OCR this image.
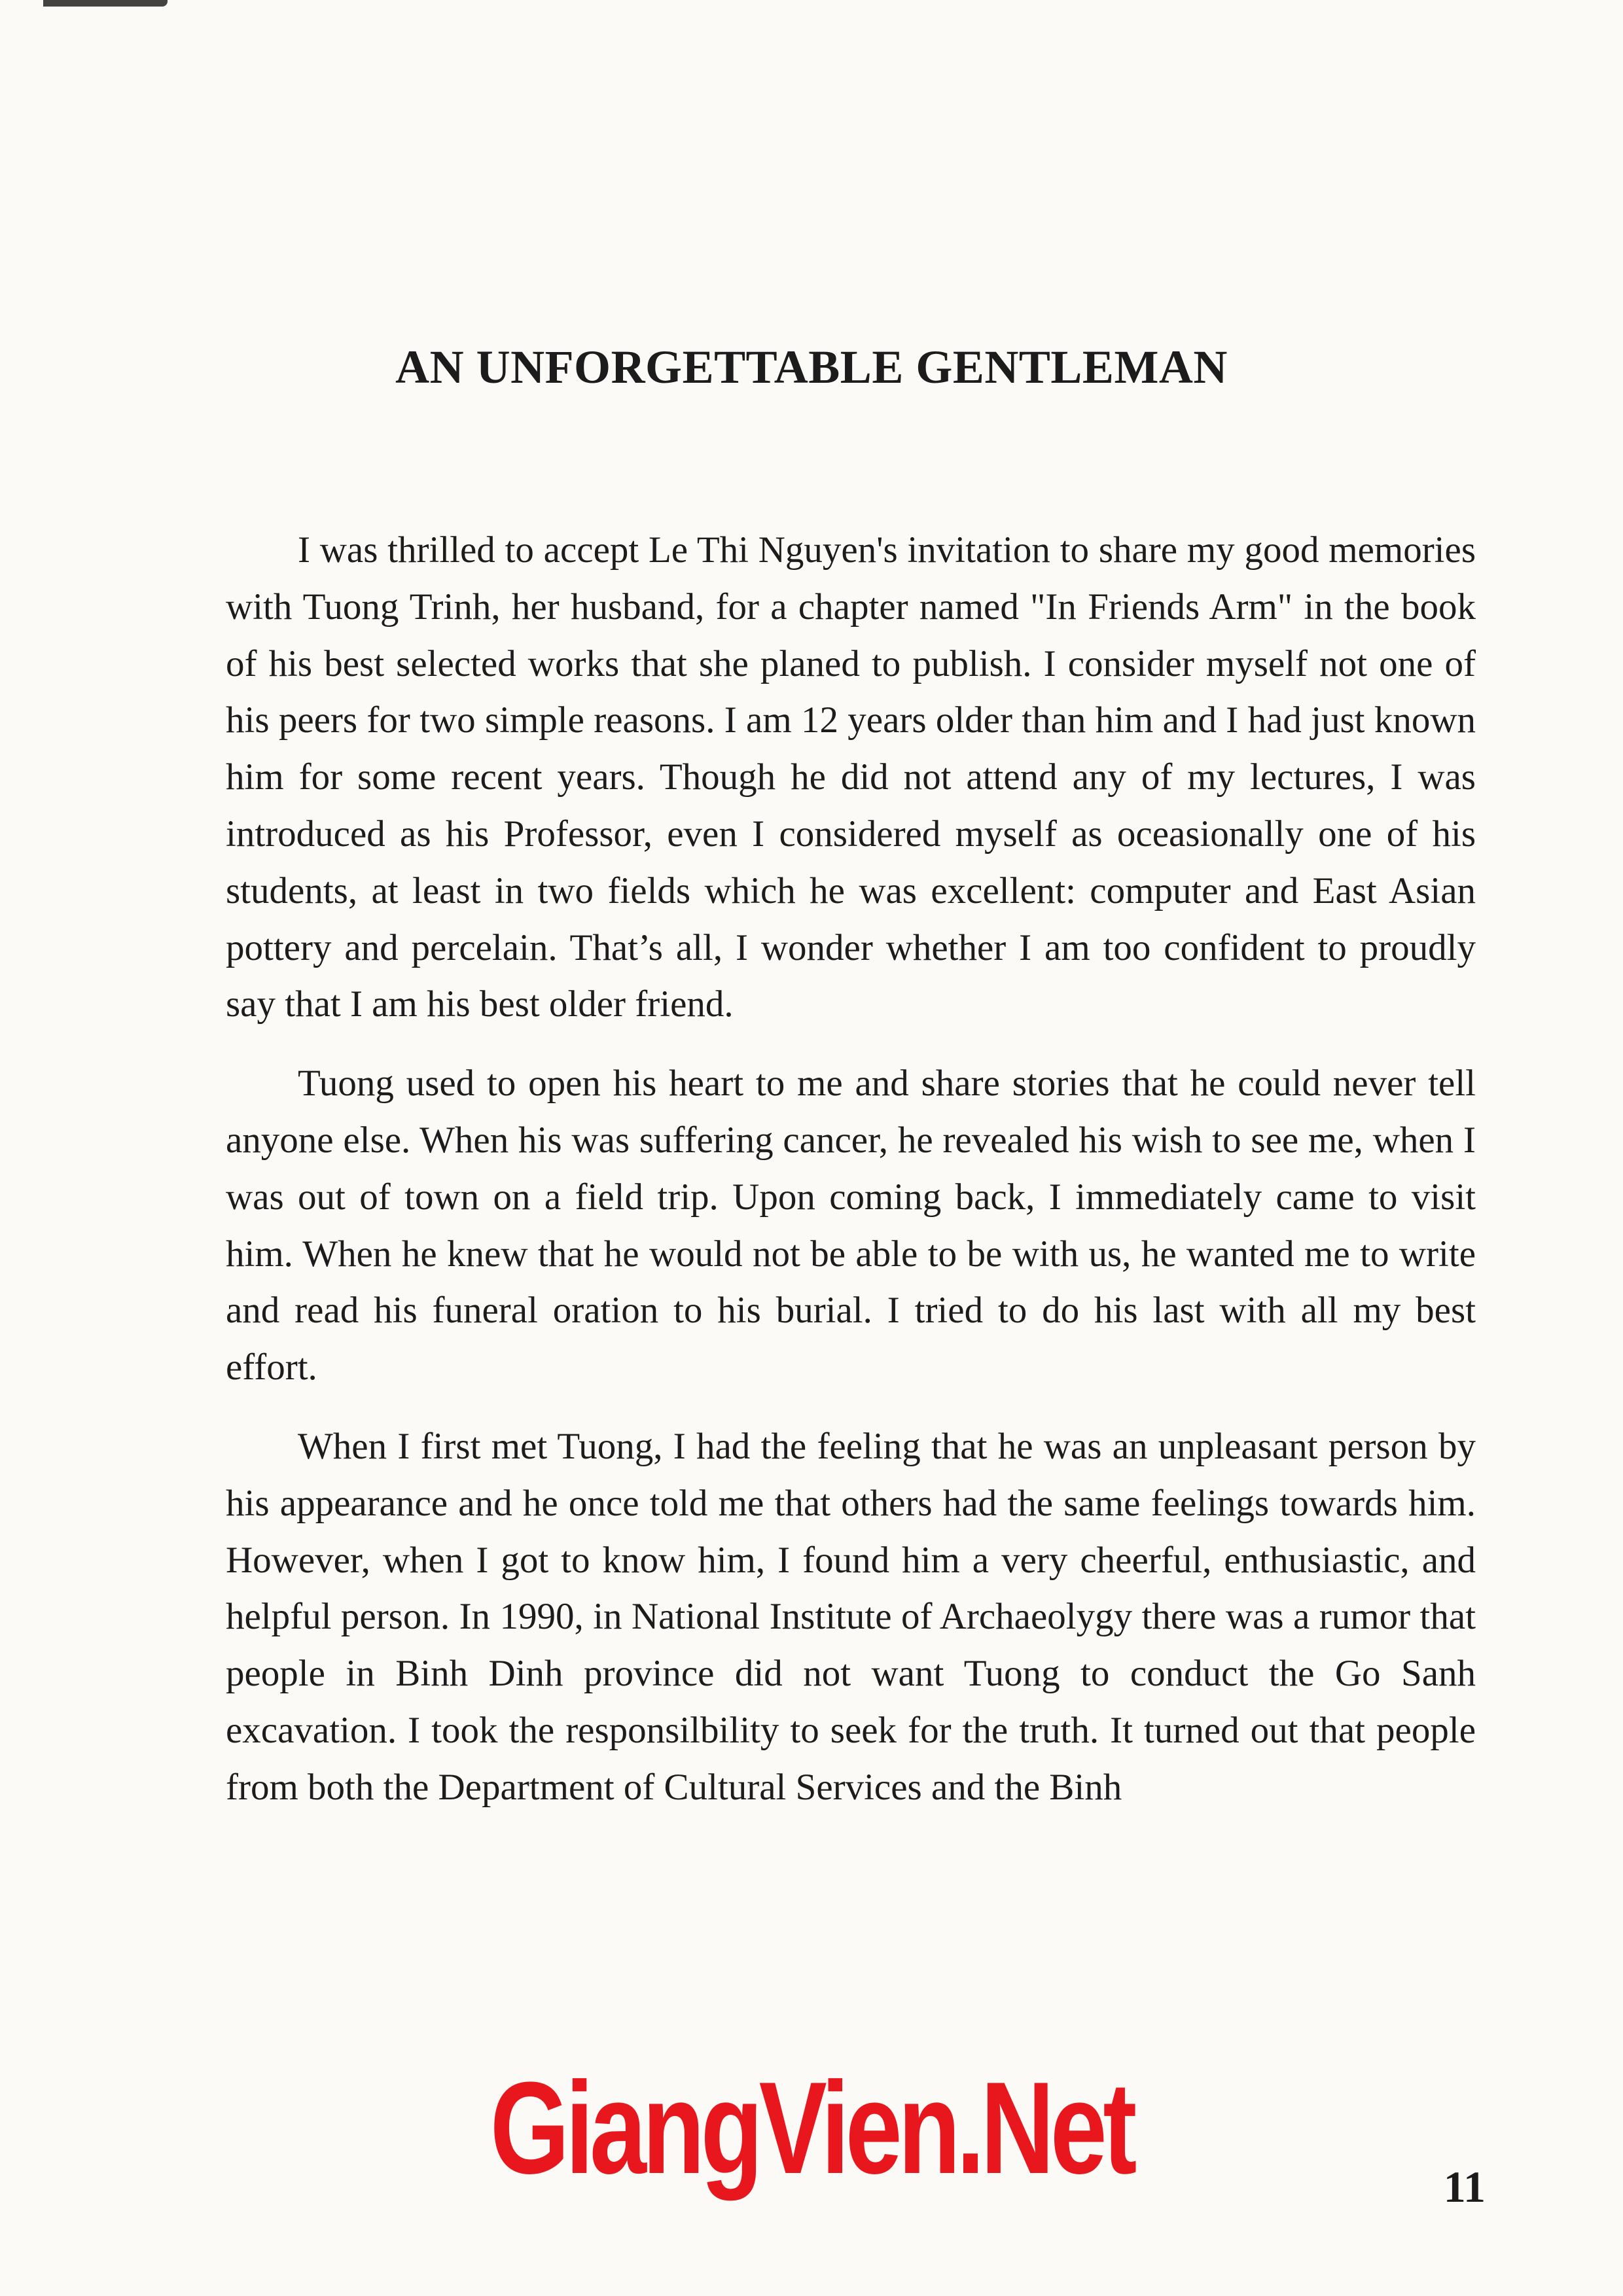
AN UNFORGETTABLE GENTLEMAN

I was thrilled to accept Le Thi Nguyen's invitation to share my good memories with Tuong Trinh, her husband, for a chapter named "In Friends Arm" in the book of his best selected works that she planed to publish. I consider myself not one of his peers for two simple reasons. I am 12 years older than him and I had just known him for some recent years. Though he did not attend any of my lectures, I was introduced as his Professor, even I considered myself as oceasionally one of his students, at least in two fields which he was excellent: computer and East Asian pottery and percelain. That’s all, I wonder whether I am too confident to proudly say that I am his best older friend.

Tuong used to open his heart to me and share stories that he could never tell anyone else. When his was suffering cancer, he revealed his wish to see me, when I was out of town on a field trip. Upon coming back, I immediately came to visit him. When he knew that he would not be able to be with us, he wanted me to write and read his funeral oration to his burial. I tried to do his last with all my best effort.

When I first met Tuong, I had the feeling that he was an unpleasant person by his appearance and he once told me that others had the same feelings towards him. However, when I got to know him, I found him a very cheerful, enthusiastic, and helpful person. In 1990, in National Institute of Archaeolygy there was a rumor that people in Binh Dinh province did not want Tuong to conduct the Go Sanh excavation. I took the responsilbility to seek for the truth. It turned out that people from both the Department of Cultural Services and the Binh

GiangVien.Net	11
